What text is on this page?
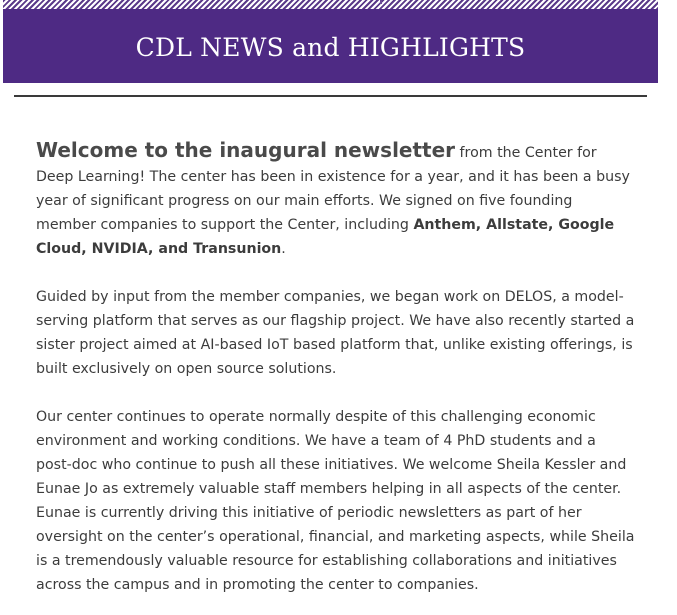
CDL NEWS and HIGHLIGHTS

Welcome to the inaugural newsletter from the Center for Deep Learning! The center has been in existence for a year, and it has been a busy year of significant progress on our main efforts. We signed on five founding member companies to support the Center, including Anthem, Allstate, Google Cloud, NVIDIA, and Transunion.

Guided by input from the member companies, we began work on DELOS, a model-serving platform that serves as our flagship project. We have also recently started a sister project aimed at AI-based IoT based platform that, unlike existing offerings, is built exclusively on open source solutions.

Our center continues to operate normally despite of this challenging economic environment and working conditions. We have a team of 4 PhD students and a post-doc who continue to push all these initiatives. We welcome Sheila Kessler and Eunae Jo as extremely valuable staff members helping in all aspects of the center. Eunae is currently driving this initiative of periodic newsletters as part of her oversight on the center’s operational, financial, and marketing aspects, while Sheila is a tremendously valuable resource for establishing collaborations and initiatives across the campus and in promoting the center to companies.
